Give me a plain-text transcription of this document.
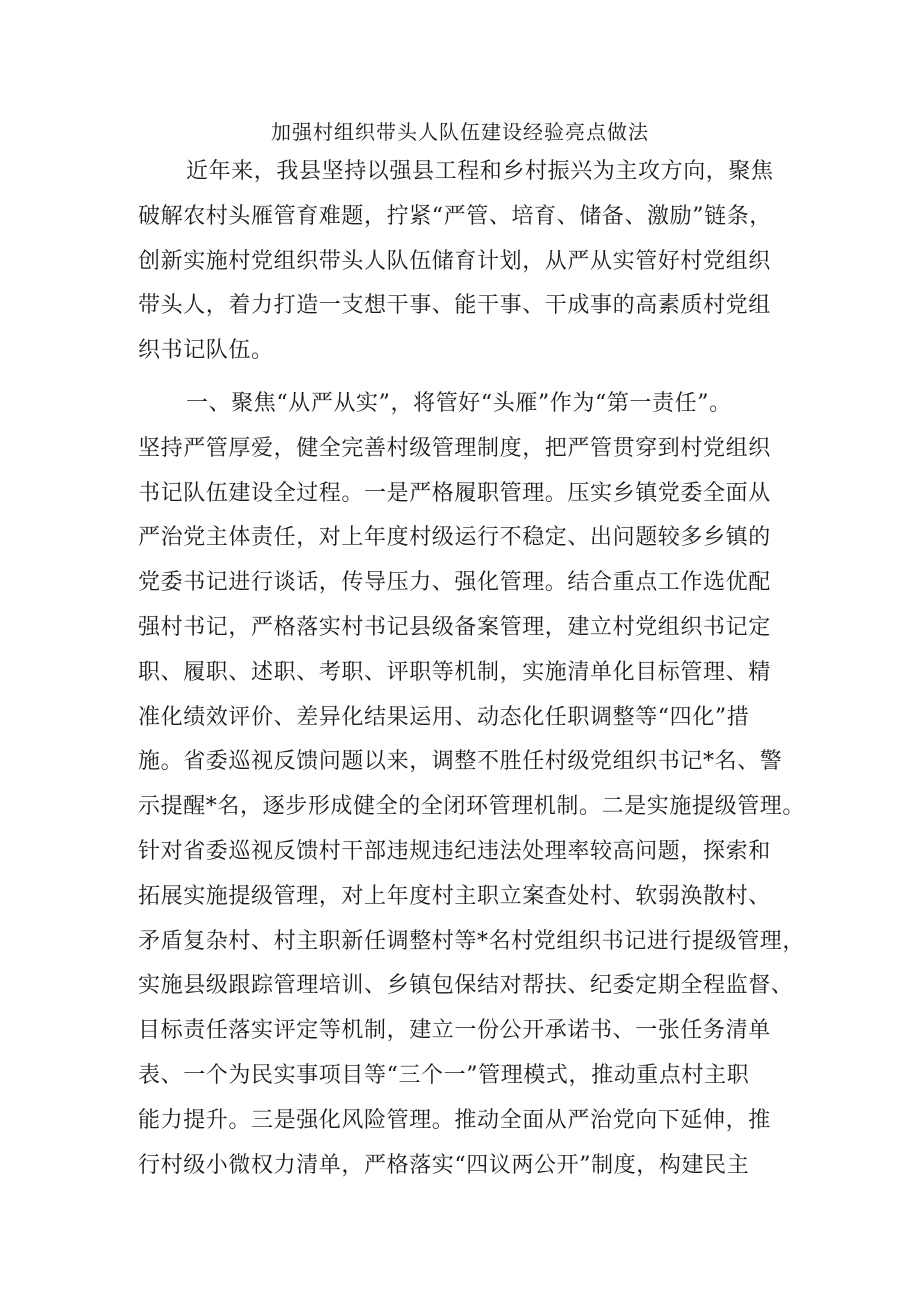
加强村组织带头人队伍建设经验亮点做法
近年来，我县坚持以强县工程和乡村振兴为主攻方向，聚焦
破解农村头雁管育难题，拧紧“严管、培育、储备、激励”链条，
创新实施村党组织带头人队伍储育计划，从严从实管好村党组织
带头人，着力打造一支想干事、能干事、干成事的高素质村党组
织书记队伍。
一、聚焦“从严从实”，将管好“头雁”作为“第一责任”。
坚持严管厚爱，健全完善村级管理制度，把严管贯穿到村党组织
书记队伍建设全过程。一是严格履职管理。压实乡镇党委全面从
严治党主体责任，对上年度村级运行不稳定、出问题较多乡镇的
党委书记进行谈话，传导压力、强化管理。结合重点工作选优配
强村书记，严格落实村书记县级备案管理，建立村党组织书记定
职、履职、述职、考职、评职等机制，实施清单化目标管理、精
准化绩效评价、差异化结果运用、动态化任职调整等“四化”措
施。省委巡视反馈问题以来，调整不胜任村级党组织书记*名、警
示提醒*名，逐步形成健全的全闭环管理机制。二是实施提级管理。
针对省委巡视反馈村干部违规违纪违法处理率较高问题，探索和
拓展实施提级管理，对上年度村主职立案查处村、软弱涣散村、
矛盾复杂村、村主职新任调整村等*名村党组织书记进行提级管理，
实施县级跟踪管理培训、乡镇包保结对帮扶、纪委定期全程监督、
目标责任落实评定等机制，建立一份公开承诺书、一张任务清单
表、一个为民实事项目等“三个一”管理模式，推动重点村主职
能力提升。三是强化风险管理。推动全面从严治党向下延伸，推
行村级小微权力清单，严格落实“四议两公开”制度，构建民主
